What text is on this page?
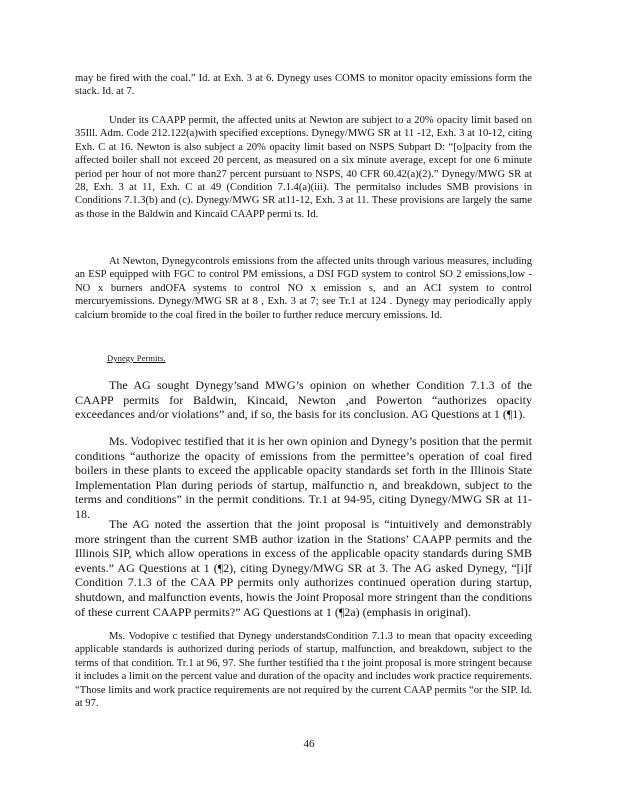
may be fired with the coal.” Id. at Exh. 3 at 6. Dynegy uses COMS to monitor opacity emissions form the stack. Id. at 7.

Under its CAAPP permit, the affected units at Newton are subject to a 20% opacity limit based on 35Ill. Adm. Code 212.122(a)with specified exceptions. Dynegy/MWG SR at 11 -12, Exh. 3 at 10-12, citing Exh. C at 16. Newton is also subject a 20% opacity limit based on NSPS Subpart D: “[o]pacity from the affected boiler shall not exceed 20 percent, as measured on a six minute average, except for one 6 minute period per hour of not more than27 percent pursuant to NSPS, 40 CFR 60.42(a)(2).” Dynegy/MWG SR at 28, Exh. 3 at 11, Exh. C at 49 (Condition 7.1.4(a)(iii). The permitalso includes SMB provisions in Conditions 7.1.3(b) and (c). Dynegy/MWG SR at11-12, Exh. 3 at 11. These provisions are largely the same as those in the Baldwin and Kincaid CAAPP permi ts. Id.

At Newton, Dynegycontrols emissions from the affected units through various measures, including an ESP equipped with FGC to control PM emissions, a DSI FGD system to control SO 2 emissions,low -NO x burners andOFA systems to control NO x emission s, and an ACI system to control mercuryemissions. Dynegy/MWG SR at 8 , Exh. 3 at 7; see Tr.1 at 124 . Dynegy may periodically apply calcium bromide to the coal fired in the boiler to further reduce mercury emissions. Id.

Dynegy Permits.

The AG sought Dynegy’sand MWG’s opinion on whether Condition 7.1.3 of the CAAPP permits for Baldwin, Kincaid, Newton ,and Powerton “authorizes opacity exceedances and/or violations” and, if so, the basis for its conclusion. AG Questions at 1 (¶1).

Ms. Vodopivec testified that it is her own opinion and Dynegy’s position that the permit conditions “authorize the opacity of emissions from the permittee’s operation of coal fired boilers in these plants to exceed the applicable opacity standards set forth in the Illinois State Implementation Plan during periods of startup, malfunctio n, and breakdown, subject to the terms and conditions” in the permit conditions. Tr.1 at 94-95, citing Dynegy/MWG SR at 11-18.

The AG noted the assertion that the joint proposal is “intuitively and demonstrably more stringent than the current SMB author ization in the Stations’ CAAPP permits and the Illinois SIP, which allow operations in excess of the applicable opacity standards during SMB events.” AG Questions at 1 (¶2), citing Dynegy/MWG SR at 3. The AG asked Dynegy, “[i]f Condition 7.1.3 of the CAA PP permits only authorizes continued operation during startup, shutdown, and malfunction events, howis the Joint Proposal more stringent than the conditions of these current CAAPP permits?” AG Questions at 1 (¶2a) (emphasis in original).

Ms. Vodopive c testified that Dynegy understandsCondition 7.1.3 to mean that opacity exceeding applicable standards is authorized during periods of startup, malfunction, and breakdown, subject to the terms of that condition. Tr.1 at 96, 97. She further testified tha t the joint proposal is more stringent because it includes a limit on the percent value and duration of the opacity and includes work practice requirements. “Those limits and work practice requirements are not required by the current CAAP permits “or the SIP. Id. at 97.

46
